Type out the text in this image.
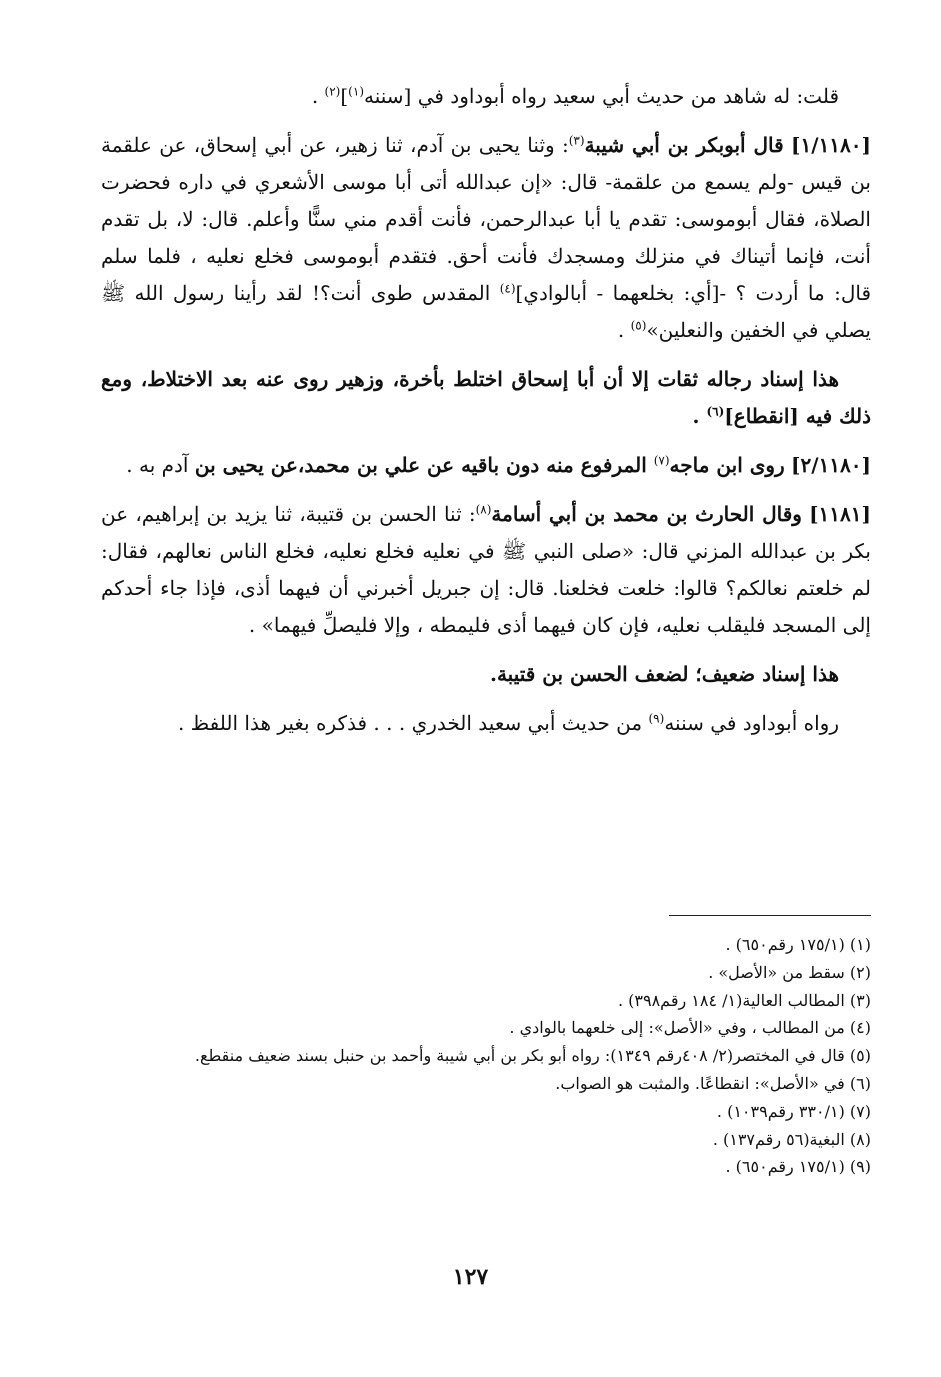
قلت: له شاهد من حديث أبي سعيد رواه أبوداود في [سننه$^{(١)}$]$^{(٢)}$ .

[١/١١٨٠] قال أبوبكر بن أبي شيبة$^{(٣)}$: وثنا يحيى بن آدم، ثنا زهير، عن أبي إسحاق، عن علقمة بن قيس -ولم يسمع من علقمة- قال: «إن عبدالله أتى أبا موسى الأشعري في داره فحضرت الصلاة، فقال أبوموسى: تقدم يا أبا عبدالرحمن، فأنت أقدم مني سنًّا وأعلم. قال: لا، بل تقدم أنت، فإنما أتيناك في منزلك ومسجدك فأنت أحق. فتقدم أبوموسى فخلع نعليه ، فلما سلم قال: ما أردت ؟ -[أي: بخلعهما - أبالوادي]$^{(٤)}$ المقدس طوى أنت؟! لقد رأينا رسول الله ﷺ يصلي في الخفين والنعلين»$^{(٥)}$ .

هذا إسناد رجاله ثقات إلا أن أبا إسحاق اختلط بأخرة، وزهير روى عنه بعد الاختلاط، ومع ذلك فيه [انقطاع]$^{(٦)}$ .

[٢/١١٨٠] روى ابن ماجه$^{(٧)}$ المرفوع منه دون باقيه عن علي بن محمد،عن يحيى بن آدم به .

[١١٨١] وقال الحارث بن محمد بن أبي أسامة$^{(٨)}$: ثنا الحسن بن قتيبة، ثنا يزيد بن إبراهيم، عن بكر بن عبدالله المزني قال: «صلى النبي ﷺ في نعليه فخلع نعليه، فخلع الناس نعالهم، فقال: لم خلعتم نعالكم؟ قالوا: خلعت فخلعنا. قال: إن جبريل أخبرني أن فيهما أذى، فإذا جاء أحدكم إلى المسجد فليقلب نعليه، فإن كان فيهما أذى فليمطه ، وإلا فليصلِّ فيهما» .

هذا إسناد ضعيف؛ لضعف الحسن بن قتيبة.

رواه أبوداود في سننه$^{(٩)}$ من حديث أبي سعيد الخدري . . . فذكره بغير هذا اللفظ .

(١) (١٧٥/١ رقم٦٥٠) .
(٢) سقط من «الأصل» .
(٣) المطالب العالية(١/ ١٨٤ رقم٣٩٨) .
(٤) من المطالب ، وفي «الأصل»: إلى خلعهما بالوادي .
(٥) قال في المختصر(٢/ ٤٠٨رقم ١٣٤٩): رواه أبو بكر بن أبي شيبة وأحمد بن حنبل بسند ضعيف منقطع.
(٦) في «الأصل»: انقطاعًا. والمثبت هو الصواب.
(٧) (٣٣٠/١ رقم١٠٣٩) .
(٨) البغية(٥٦ رقم١٣٧) .
(٩) (١٧٥/١ رقم٦٥٠) .
١٢٧
